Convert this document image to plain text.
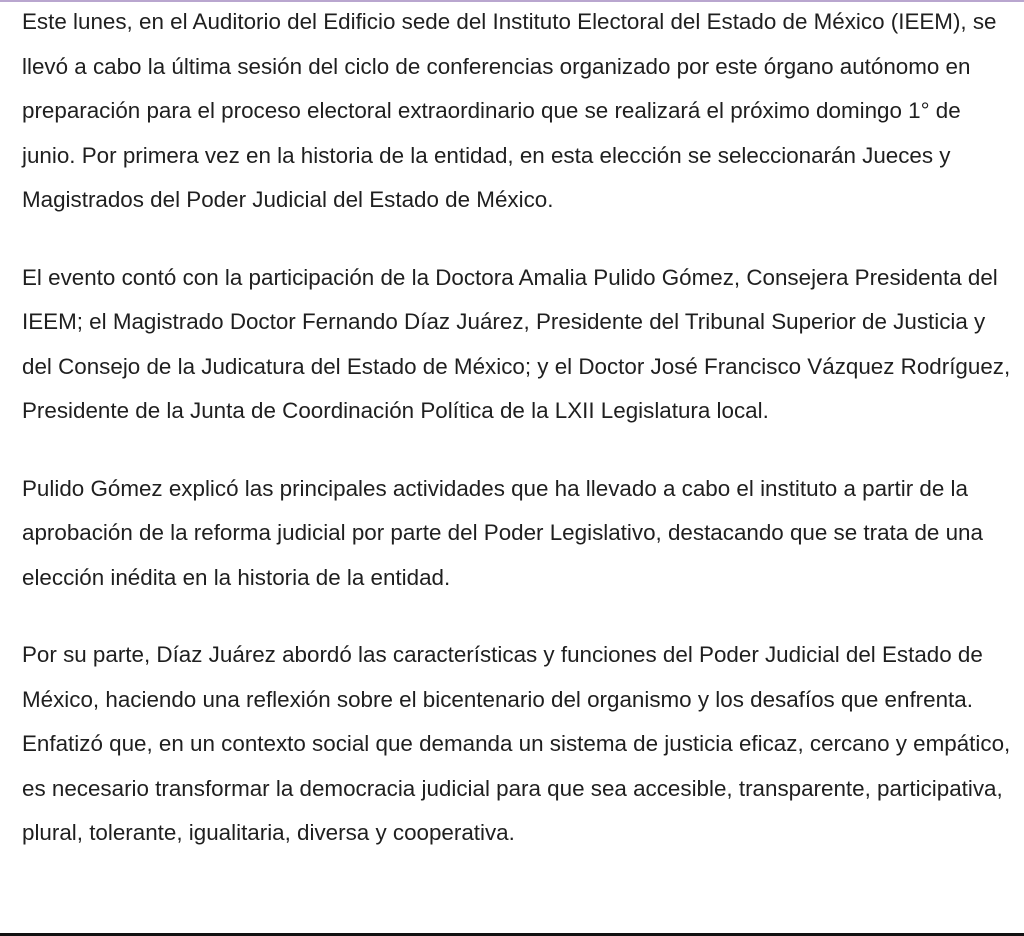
Este lunes, en el Auditorio del Edificio sede del Instituto Electoral del Estado de México (IEEM), se llevó a cabo la última sesión del ciclo de conferencias organizado por este órgano autónomo en preparación para el proceso electoral extraordinario que se realizará el próximo domingo 1° de junio. Por primera vez en la historia de la entidad, en esta elección se seleccionarán Jueces y Magistrados del Poder Judicial del Estado de México.

El evento contó con la participación de la Doctora Amalia Pulido Gómez, Consejera Presidenta del IEEM; el Magistrado Doctor Fernando Díaz Juárez, Presidente del Tribunal Superior de Justicia y del Consejo de la Judicatura del Estado de México; y el Doctor José Francisco Vázquez Rodríguez, Presidente de la Junta de Coordinación Política de la LXII Legislatura local.

Pulido Gómez explicó las principales actividades que ha llevado a cabo el instituto a partir de la aprobación de la reforma judicial por parte del Poder Legislativo, destacando que se trata de una elección inédita en la historia de la entidad.

Por su parte, Díaz Juárez abordó las características y funciones del Poder Judicial del Estado de México, haciendo una reflexión sobre el bicentenario del organismo y los desafíos que enfrenta. Enfatizó que, en un contexto social que demanda un sistema de justicia eficaz, cercano y empático, es necesario transformar la democracia judicial para que sea accesible, transparente, participativa, plural, tolerante, igualitaria, diversa y cooperativa.
